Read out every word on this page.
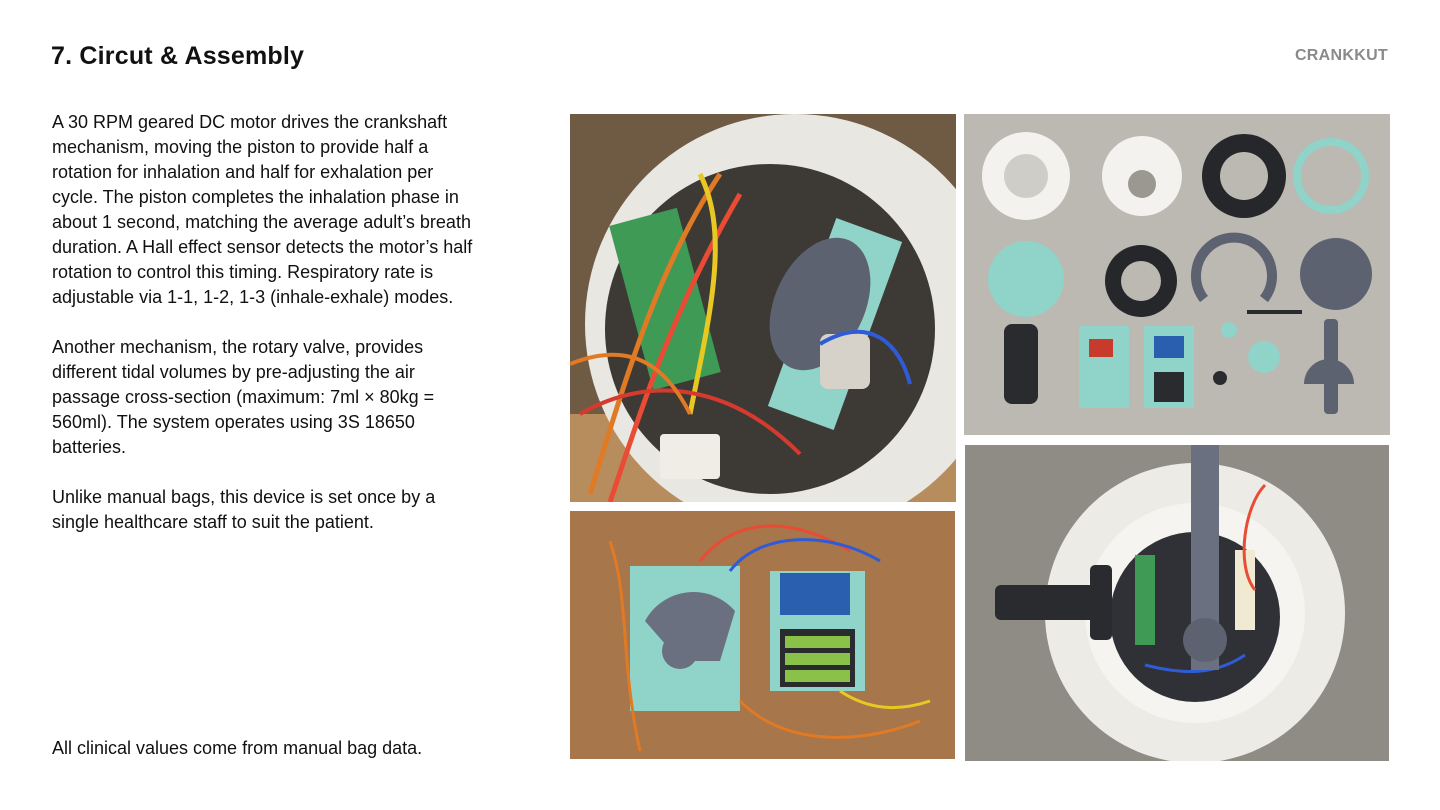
7. Circut & Assembly	CRANKKUT

A 30 RPM geared DC motor drives the crankshaft mechanism, moving the piston to provide half a rotation for inhalation and half for exhalation per cycle. The piston completes the inhalation phase in about 1 second, matching the average adult’s breath duration. A Hall effect sensor detects the motor’s half rotation to control this timing. Respiratory rate is adjustable via 1-1, 1-2, 1-3 (inhale-exhale) modes.

Another mechanism, the rotary valve, provides different tidal volumes by pre-adjusting the air passage cross-section (maximum: 7ml × 80kg = 560ml). The system operates using 3S 18650 batteries.

Unlike manual bags, this device is set once by a single healthcare staff to suit the patient.

All clinical values come from manual bag data.
